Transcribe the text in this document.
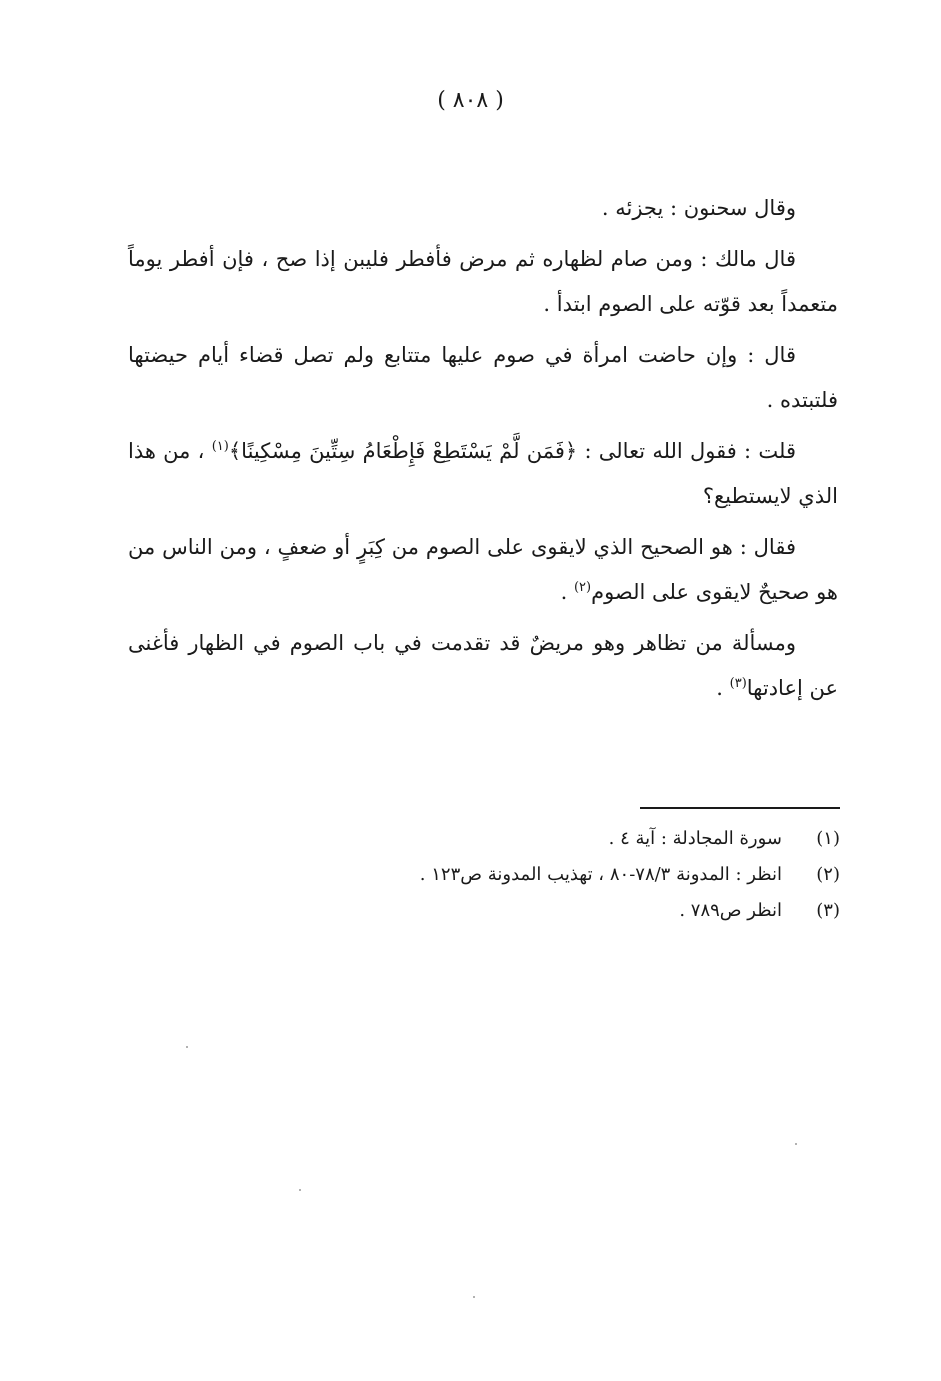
( ٨٠٨ )

وقال سحنون : يجزئه .

قال مالك : ومن صام لظهاره ثم مرض فأفطر فليبن إذا صح ، فإن أفطر يوماً متعمداً بعد قوّته على الصوم ابتدأ .

قال : وإن حاضت امرأة في صوم عليها متتابع ولم تصل قضاء أيام حيضتها فلتبتده .

قلت : فقول الله تعالى : ﴿فَمَن لَّمْ يَسْتَطِعْ فَإِطْعَامُ سِتِّينَ مِسْكِينًا﴾$^{(١)}$ ، من هذا الذي لايستطيع؟

فقال : هو الصحيح الذي لايقوى على الصوم من كِبَرٍ أو ضعفٍ ، ومن الناس من هو صحيحٌ لايقوى على الصوم$^{(٢)}$ .

ومسألة من تظاهر وهو مريضٌ قد تقدمت في باب الصوم في الظهار فأغنى عن إعادتها$^{(٣)}$ .

(١)
سورة المجادلة : آية ٤ .
(٢)
انظر : المدونة ٧٨/٣-٨٠ ، تهذيب المدونة ص١٢٣ .
(٣)
انظر ص٧٨٩ .
